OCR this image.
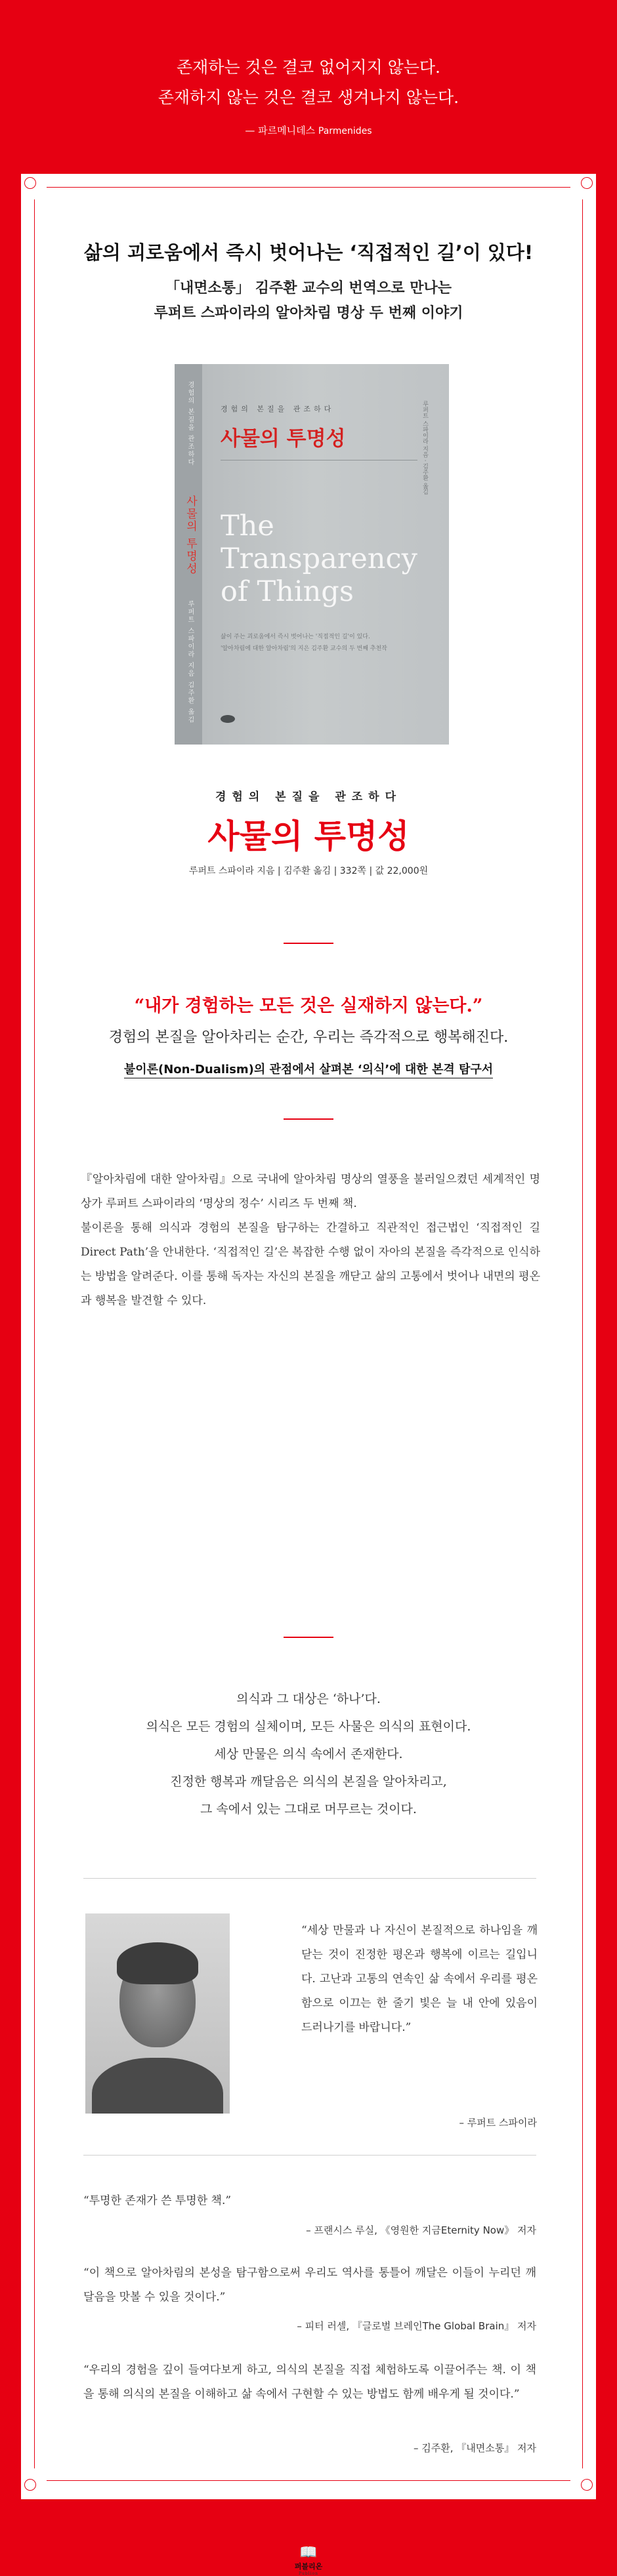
존재하는 것은 결코 없어지지 않는다.
존재하지 않는 것은 결코 생겨나지 않는다.
— 파르메니데스 Parmenides
삶의 괴로움에서 즉시 벗어나는 ‘직접적인 길’이 있다!
「내면소통」 김주환 교수의 번역으로 만나는
루퍼트 스파이라의 알아차림 명상 두 번째 이야기
경험의 본질을 관조하다
사물의 투명성
루퍼트 스파이라 지음 김주환 옮김
경험의 본질을 관조하다
사물의 투명성
The Transparency
of Things
삶이 주는 괴로움에서 즉시 벗어나는 '직접적인 길'이 있다.
'알아차림에 대한 알아차림'의 지은 김주환 교수의 두 번째 추천작
루퍼트 스파이라 지음 · 김주환 옮김
경험의 본질을 관조하다
사물의 투명성
루퍼트 스파이라 지음 | 김주환 옮김 | 332쪽 | 값 22,000원
“내가 경험하는 모든 것은 실재하지 않는다.”
경험의 본질을 알아차리는 순간, 우리는 즉각적으로 행복해진다.
불이론(Non-Dualism)의 관점에서 살펴본 ‘의식’에 대한 본격 탐구서

『알아차림에 대한 알아차림』으로 국내에 알아차림 명상의 열풍을 불러일으켰던 세계적인 명상가 루퍼트 스파이라의 ‘명상의 정수’ 시리즈 두 번째 책.

불이론을 통해 의식과 경험의 본질을 탐구하는 간결하고 직관적인 접근법인 ‘직접적인 길Direct Path’을 안내한다. ‘직접적인 길’은 복잡한 수행 없이 자아의 본질을 즉각적으로 인식하는 방법을 알려준다. 이를 통해 독자는 자신의 본질을 깨닫고 삶의 고통에서 벗어나 내면의 평온과 행복을 발견할 수 있다.

의식과 그 대상은 ‘하나’다.
의식은 모든 경험의 실체이며, 모든 사물은 의식의 표현이다.
세상 만물은 의식 속에서 존재한다.
진정한 행복과 깨달음은 의식의 본질을 알아차리고,
그 속에서 있는 그대로 머무르는 것이다.
“세상 만물과 나 자신이 본질적으로 하나임을 깨닫는 것이 진정한 평온과 행복에 이르는 길입니다. 고난과 고통의 연속인 삶 속에서 우리를 평온함으로 이끄는 한 줄기 빛은 늘 내 안에 있음이 드러나기를 바랍니다.”
– 루퍼트 스파이라
“투명한 존재가 쓴 투명한 책.”
– 프랜시스 루실, 《영원한 지금Eternity Now》 저자
“이 책으로 알아차림의 본성을 탐구함으로써 우리도 역사를 통틀어 깨달은 이들이 누리던 깨달음을 맛볼 수 있을 것이다.”
– 피터 러셀, 『글로벌 브레인The Global Brain』 저자
“우리의 경험을 깊이 들여다보게 하고, 의식의 본질을 직접 체험하도록 이끌어주는 책. 이 책을 통해 의식의 본질을 이해하고 삶 속에서 구현할 수 있는 방법도 함께 배우게 될 것이다.”
– 김주환, 『내면소통』 저자
📖
퍼블리온
Publion
